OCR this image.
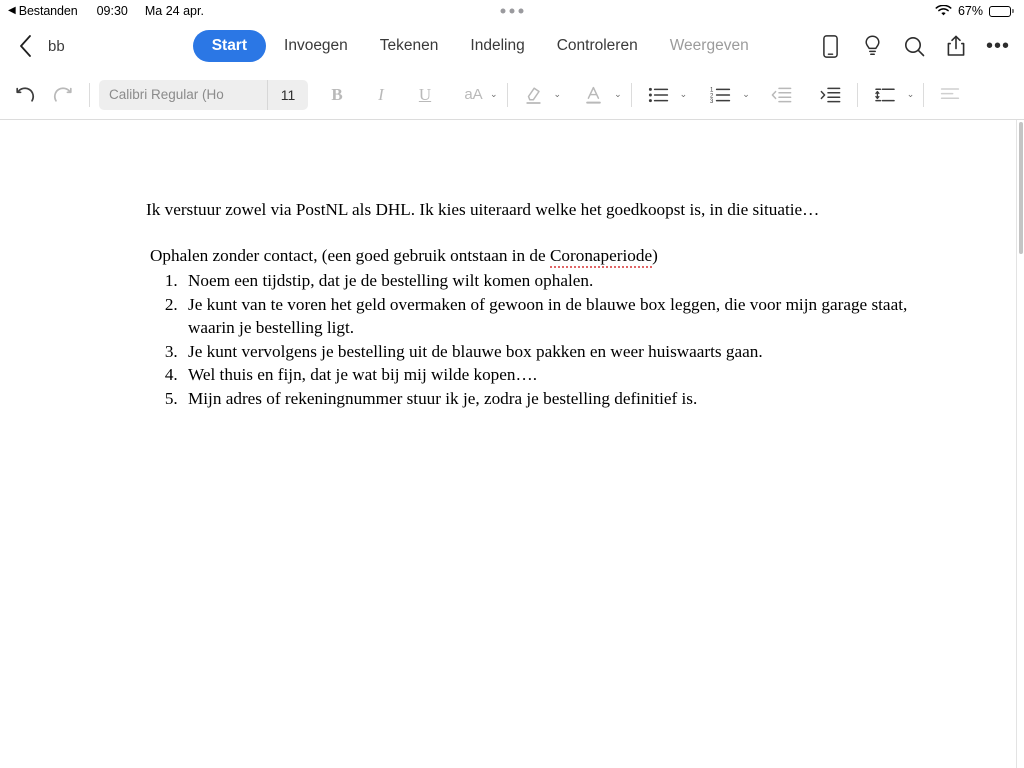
◀ Bestanden 09:30 Ma 24 apr.	67%
bb	Start	Invoegen	Tekenen	Indeling	Controleren	Weergeven	•••
Calibri Regular (Ho	11	B	I	U	aA ⌄	⌄	⌄	⌄	1
2
3
⌄	⌄

Ik verstuur zowel via PostNL als DHL. Ik kies uiteraard welke het goedkoopst is, in die situatie…

Ophalen zonder contact, (een goed gebruik ontstaan in de Coronaperiode)

1. Noem een tijdstip, dat je de bestelling wilt komen ophalen.
2. Je kunt van te voren het geld overmaken of gewoon in de blauwe box leggen, die voor mijn garage staat, waarin je bestelling ligt.
3. Je kunt vervolgens je bestelling uit de blauwe box pakken en weer huiswaarts gaan.
4. Wel thuis en fijn, dat je wat bij mij wilde kopen….
5. Mijn adres of rekeningnummer stuur ik je, zodra je bestelling definitief is.
